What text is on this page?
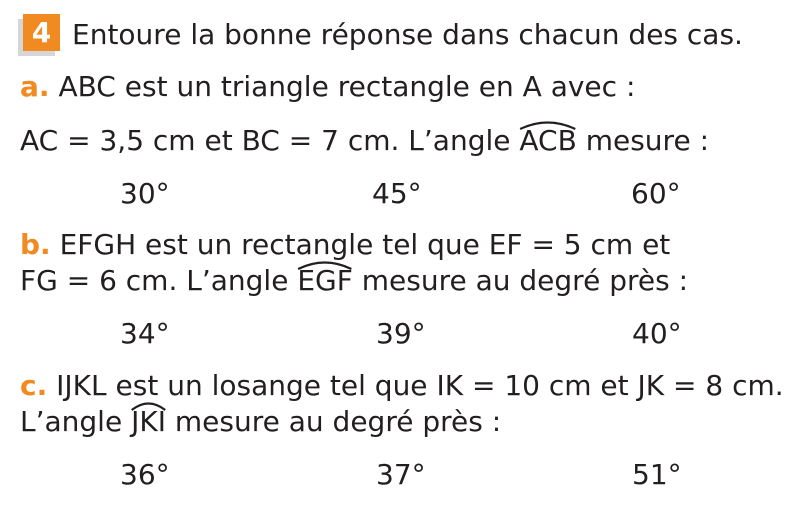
4 Entoure la bonne réponse dans chacun des cas.
a. ABC est un triangle rectangle en A avec :
AC = 3,5 cm et BC = 7 cm. L’angle
ACB mesure :
30°	45°	60°
b. EFGH est un rectangle tel que EF = 5 cm et
FG = 6 cm. L’angle
EGF mesure au degré près :
34°	39°	40°
c. IJKL est un losange tel que IK = 10 cm et JK = 8 cm.
L’angle
JKI mesure au degré près :
36°	37°	51°
